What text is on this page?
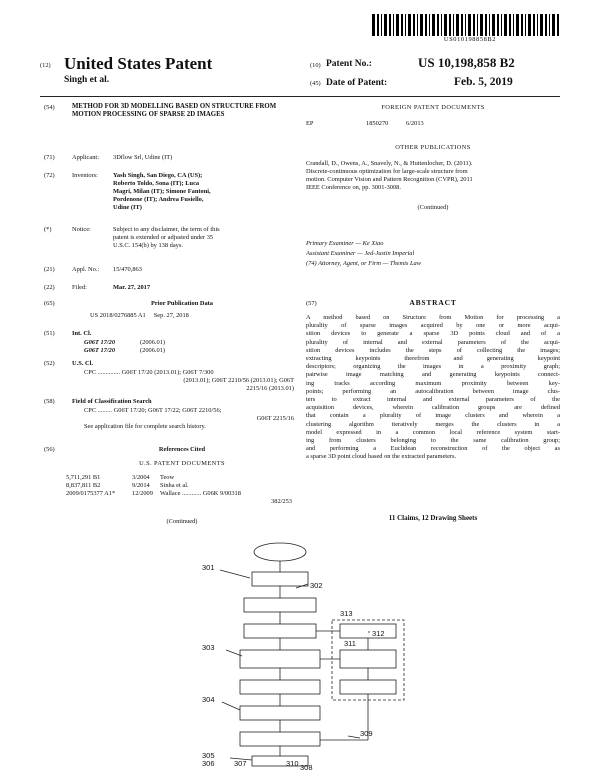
US010198858B2
(12) United States Patent
Singh et al.
(10) Patent No.:	US 10,198,858 B2
(45) Date of Patent:	Feb. 5, 2019
(54)	METHOD FOR 3D MODELLING BASED ON STRUCTURE FROM MOTION PROCESSING OF SPARSE 2D IMAGES
(71)	Applicant: 3Dflow Srl, Udine (IT)
(72)	Inventors: Yash Singh, San Diego, CA (US);
Roberto Toldo, Sona (IT); Luca
Magri, Milan (IT); Simone Fantoni,
Pordenone (IT); Andrea Fusiello,
Udine (IT)
(*)	Notice:	Subject to any disclaimer, the term of this
patent is extended or adjusted under 35
U.S.C. 154(b) by 138 days.
(21)	Appl. No.: 15/470,863
(22)	Filed:	Mar. 27, 2017
(65)	Prior Publication Data
US 2018/0276885 A1     Sep. 27, 2018
(51)	Int. Cl.
G06T 17/20	(2006.01)
G06T 17/20	(2006.01)
(52)	U.S. Cl.
CPC .............. G06T 17/20 (2013.01); G06T 7/300
(2013.01); G06T 2210/56 (2013.01); G06T
2215/16 (2013.01)
(58)	Field of Classification Search
CPC ......... G06T 17/20; G06T 17/22; G06T 2210/56;
G06T 2215/16
See application file for complete search history.
(56)	References Cited
U.S. PATENT DOCUMENTS
5,711,291 B1	3/2004 Teow
8,837,811 B2	9/2014 Sinha et al.
2009/0175377 A1*	12/2009 Wallace ............ G06K 9/00318
382/253
(Continued)
FOREIGN PATENT DOCUMENTS
EP	1850270	6/2013
OTHER PUBLICATIONS
Crandall, D., Owens, A., Snavely, N., & Huttenlocher, D. (2011).
Discrete-continuous optimization for large-scale structure from
motion. Computer Vision and Pattern Recognition (CVPR), 2011
IEEE Conference on, pp. 3001-3008.
(Continued)
Primary Examiner — Ke Xiao
Assistant Examiner — Jed-Justin Imperial
(74) Attorney, Agent, or Firm — Themis Law
(57)	ABSTRACT
A method based on Structure from Motion for processing a
plurality of sparse images acquired by one or more acqui-
sition devices to generate a sparse 3D points cloud and of a
plurality of internal and external parameters of the acqui-
sition devices includes the steps of collecting the images;
extracting keypoints therefrom and generating keypoint
descriptors; organizing the images in a proximity graph;
pairwise image matching and generating keypoints connect-
ing tracks according maximum proximity between key-
points; performing an autocalibration between image clus-
ters to extract internal and external parameters of the
acquisition devices, wherein calibration groups are defined
that contain a plurality of image clusters and wherein a
clustering algorithm iteratively merges the clusters in a
model expressed in a common local reference system start-
ing from clusters belonging to the same calibration group;
and performing a Euclidean reconstruction of the object as
a sparse 3D point cloud based on the extracted parameters.
11 Claims, 12 Drawing Sheets
301
302
303
304
305
306	307	308
309
310
311
312
313
